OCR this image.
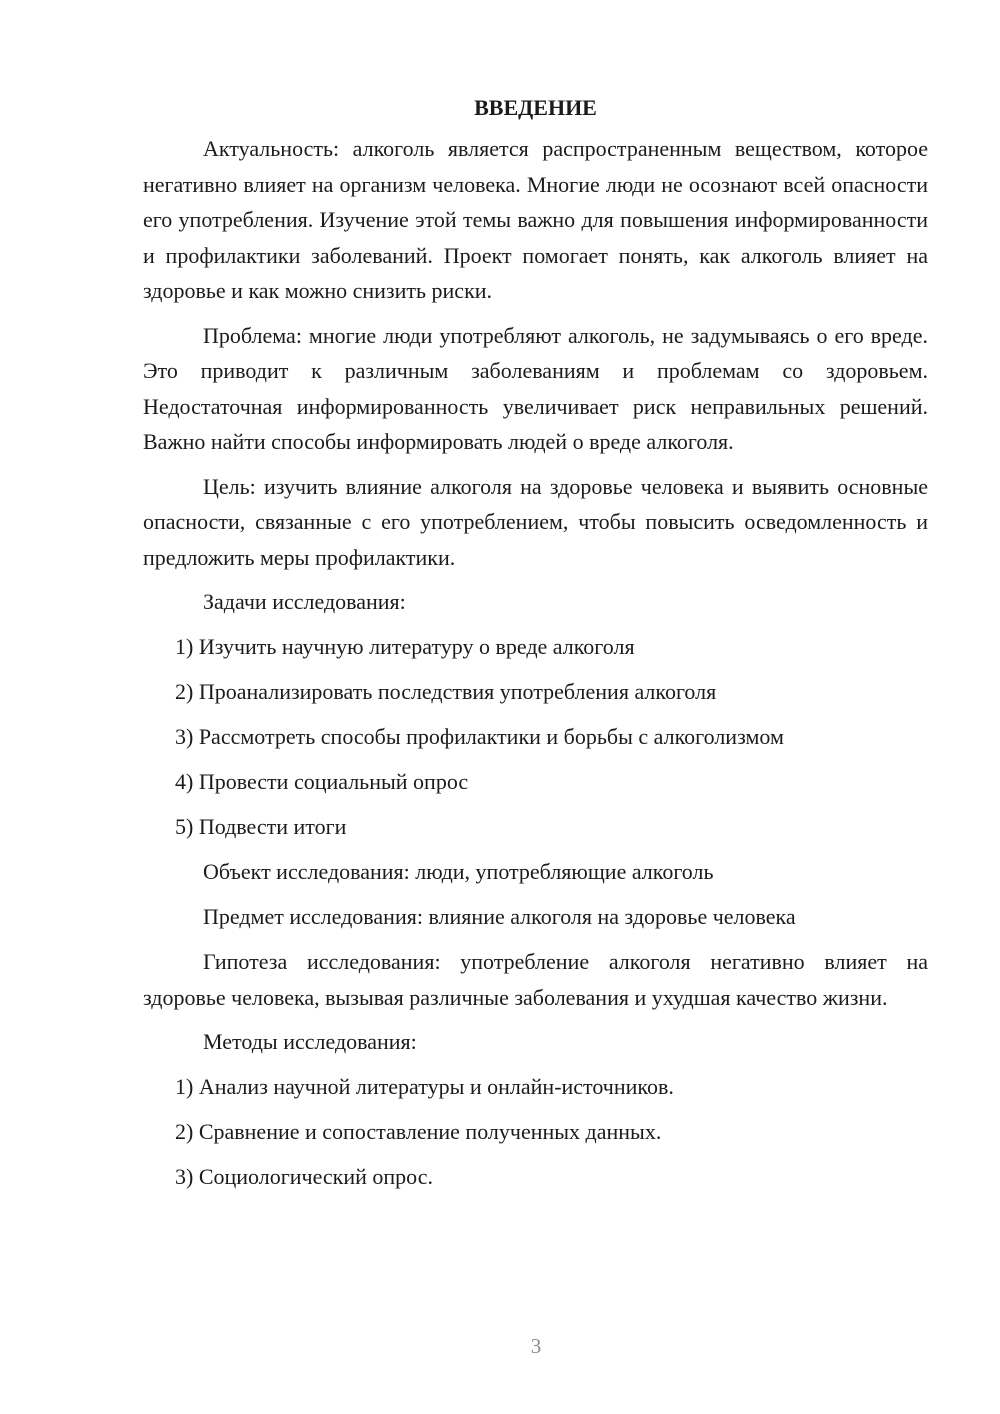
ВВЕДЕНИЕ

Актуальность: алкоголь является распространенным веществом, которое негативно влияет на организм человека. Многие люди не осознают всей опасности его употребления. Изучение этой темы важно для повышения информированности и профилактики заболеваний. Проект помогает понять, как алкоголь влияет на здоровье и как можно снизить риски.

Проблема: многие люди употребляют алкоголь, не задумываясь о его вреде. Это приводит к различным заболеваниям и проблемам со здоровьем. Недостаточная информированность увеличивает риск неправильных решений. Важно найти способы информировать людей о вреде алкоголя.

Цель: изучить влияние алкоголя на здоровье человека и выявить основные опасности, связанные с его употреблением, чтобы повысить осведомленность и предложить меры профилактики.

Задачи исследования:
1) Изучить научную литературу о вреде алкоголя
2) Проанализировать последствия употребления алкоголя
3) Рассмотреть способы профилактики и борьбы с алкоголизмом
4) Провести социальный опрос
5) Подвести итоги
Объект исследования: люди, употребляющие алкоголь
Предмет исследования: влияние алкоголя на здоровье человека

Гипотеза исследования: употребление алкоголя негативно влияет на здоровье человека, вызывая различные заболевания и ухудшая качество жизни.

Методы исследования:
1) Анализ научной литературы и онлайн-источников.
2) Сравнение и сопоставление полученных данных.
3) Социологический опрос.
3
